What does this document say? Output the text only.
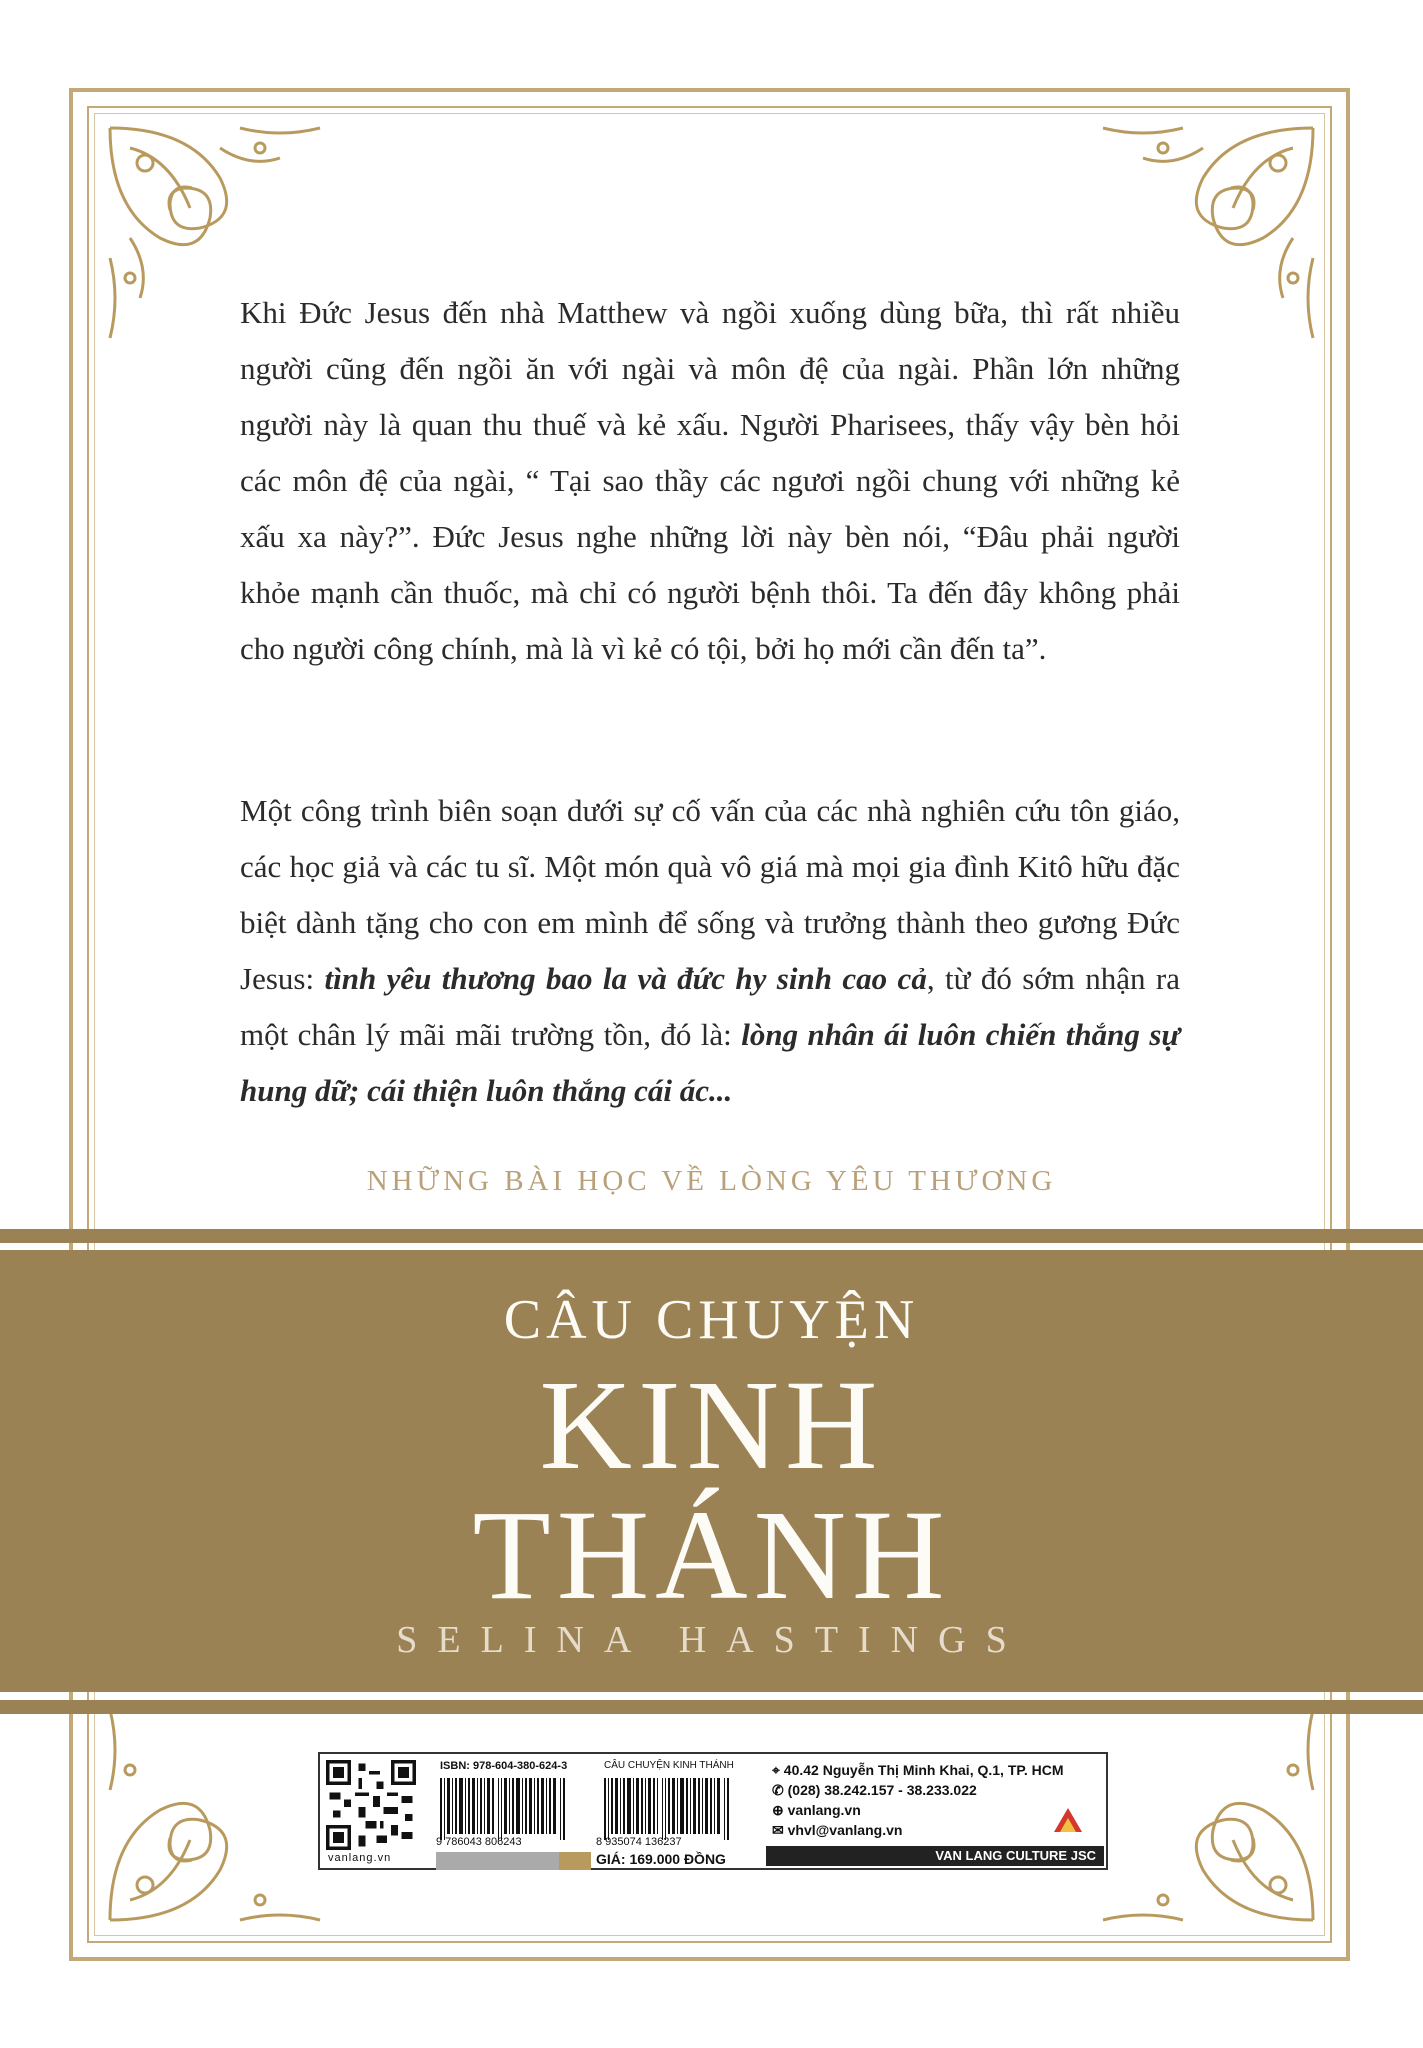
Khi Đức Jesus đến nhà Matthew và ngồi xuống dùng bữa, thì rất nhiều người cũng đến ngồi ăn với ngài và môn đệ của ngài. Phần lớn những người này là quan thu thuế và kẻ xấu. Người Pharisees, thấy vậy bèn hỏi các môn đệ của ngài, “ Tại sao thầy các ngươi ngồi chung với những kẻ xấu xa này?”. Đức Jesus nghe những lời này bèn nói, “Đâu phải người khỏe mạnh cần thuốc, mà chỉ có người bệnh thôi. Ta đến đây không phải cho người công chính, mà là vì kẻ có tội, bởi họ mới cần đến ta”.

Một công trình biên soạn dưới sự cố vấn của các nhà nghiên cứu tôn giáo, các học giả và các tu sĩ. Một món quà vô giá mà mọi gia đình Kitô hữu đặc biệt dành tặng cho con em mình để sống và trưởng thành theo gương Đức Jesus: tình yêu thương bao la và đức hy sinh cao cả, từ đó sớm nhận ra một chân lý mãi mãi trường tồn, đó là: lòng nhân ái luôn chiến thắng sự hung dữ; cái thiện luôn thắng cái ác...

NHỮNG BÀI HỌC VỀ LÒNG YÊU THƯƠNG
CÂU CHUYỆN
KINH
THÁNH
SELINA HASTINGS
vanlang.vn
ISBN: 978-604-380-624-3	CÂU CHUYỆN KINH THÁNH
9 786043 806243	8 935074 136237
GIÁ: 169.000 ĐỒNG
⌖ 40.42 Nguyễn Thị Minh Khai, Q.1, TP. HCM
✆ (028) 38.242.157 - 38.233.022
⊕ vanlang.vn
✉ vhvl@vanlang.vn
VAN LANG CULTURE JSC
